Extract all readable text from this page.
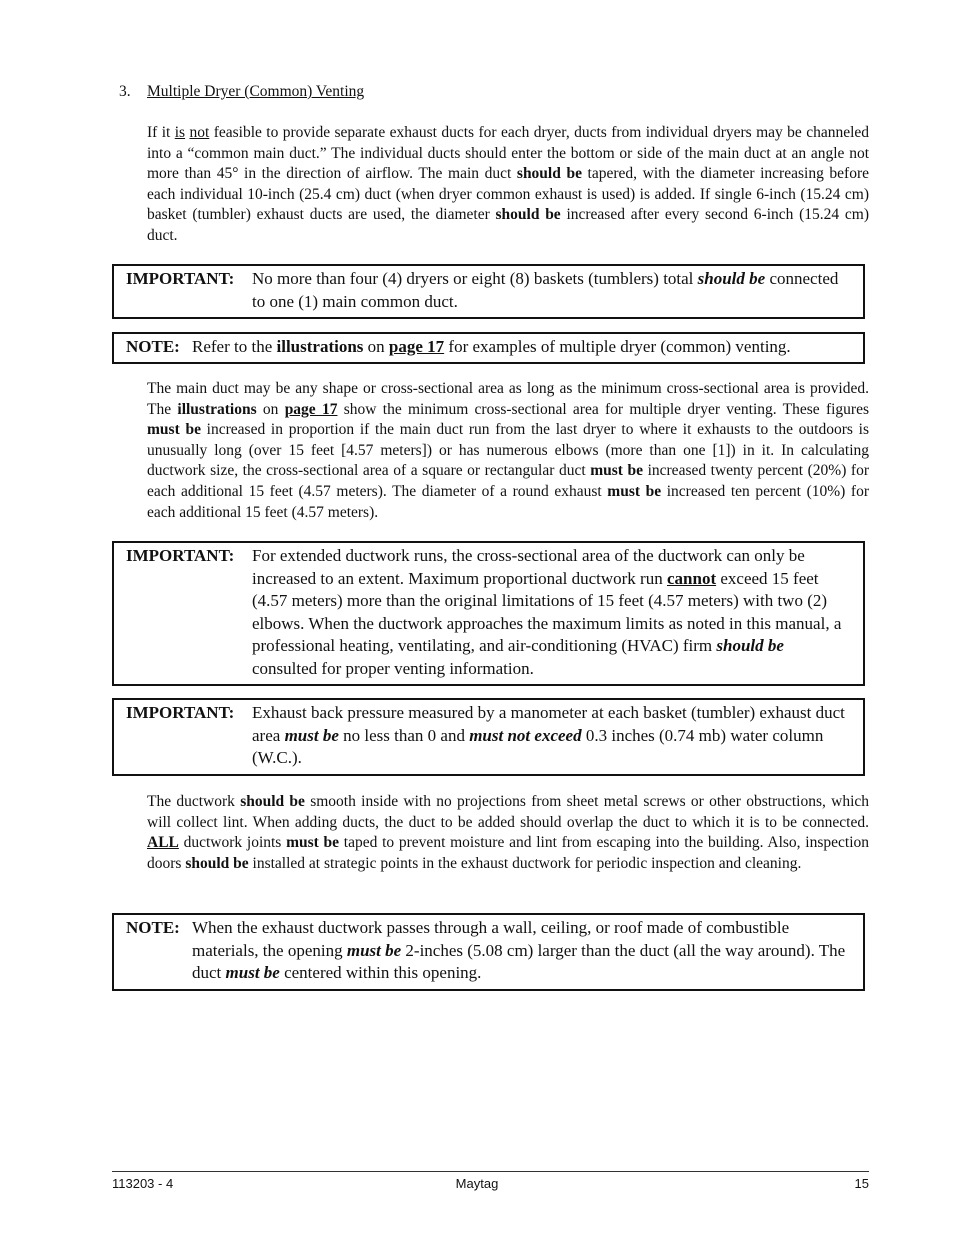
3. Multiple Dryer (Common) Venting

If it is not feasible to provide separate exhaust ducts for each dryer, ducts from individual dryers may be channeled into a “common main duct.” The individual ducts should enter the bottom or side of the main duct at an angle not more than 45° in the direction of airflow. The main duct should be tapered, with the diameter increasing before each individual 10-inch (25.4 cm) duct (when dryer common exhaust is used) is added. If single 6-inch (15.24 cm) basket (tumbler) exhaust ducts are used, the diameter should be increased after every second 6-inch (15.24 cm) duct.

IMPORTANT:	No more than four (4) dryers or eight (8) baskets (tumblers) total should be connected to one (1) main common duct.

NOTE: Refer to the illustrations on page 17 for examples of multiple dryer (common) venting.

The main duct may be any shape or cross-sectional area as long as the minimum cross-sectional area is provided. The illustrations on page 17 show the minimum cross-sectional area for multiple dryer venting. These figures must be increased in proportion if the main duct run from the last dryer to where it exhausts to the outdoors is unusually long (over 15 feet [4.57 meters]) or has numerous elbows (more than one [1]) in it. In calculating ductwork size, the cross-sectional area of a square or rectangular duct must be increased twenty percent (20%) for each additional 15 feet (4.57 meters). The diameter of a round exhaust must be increased ten percent (10%) for each additional 15 feet (4.57 meters).

IMPORTANT:	For extended ductwork runs, the cross-sectional area of the ductwork can only be increased to an extent. Maximum proportional ductwork run cannot exceed 15 feet (4.57 meters) more than the original limitations of 15 feet (4.57 meters) with two (2) elbows. When the ductwork approaches the maximum limits as noted in this manual, a professional heating, ventilating, and air-conditioning (HVAC) firm should be consulted for proper venting information.

IMPORTANT:	Exhaust back pressure measured by a manometer at each basket (tumbler) exhaust duct area must be no less than 0 and must not exceed 0.3 inches (0.74 mb) water column (W.C.).

The ductwork should be smooth inside with no projections from sheet metal screws or other obstructions, which will collect lint. When adding ducts, the duct to be added should overlap the duct to which it is to be connected. ALL ductwork joints must be taped to prevent moisture and lint from escaping into the building. Also, inspection doors should be installed at strategic points in the exhaust ductwork for periodic inspection and cleaning.

NOTE: When the exhaust ductwork passes through a wall, ceiling, or roof made of combustible materials, the opening must be 2-inches (5.08 cm) larger than the duct (all the way around). The duct must be centered within this opening.

113203 - 4	Maytag	15
